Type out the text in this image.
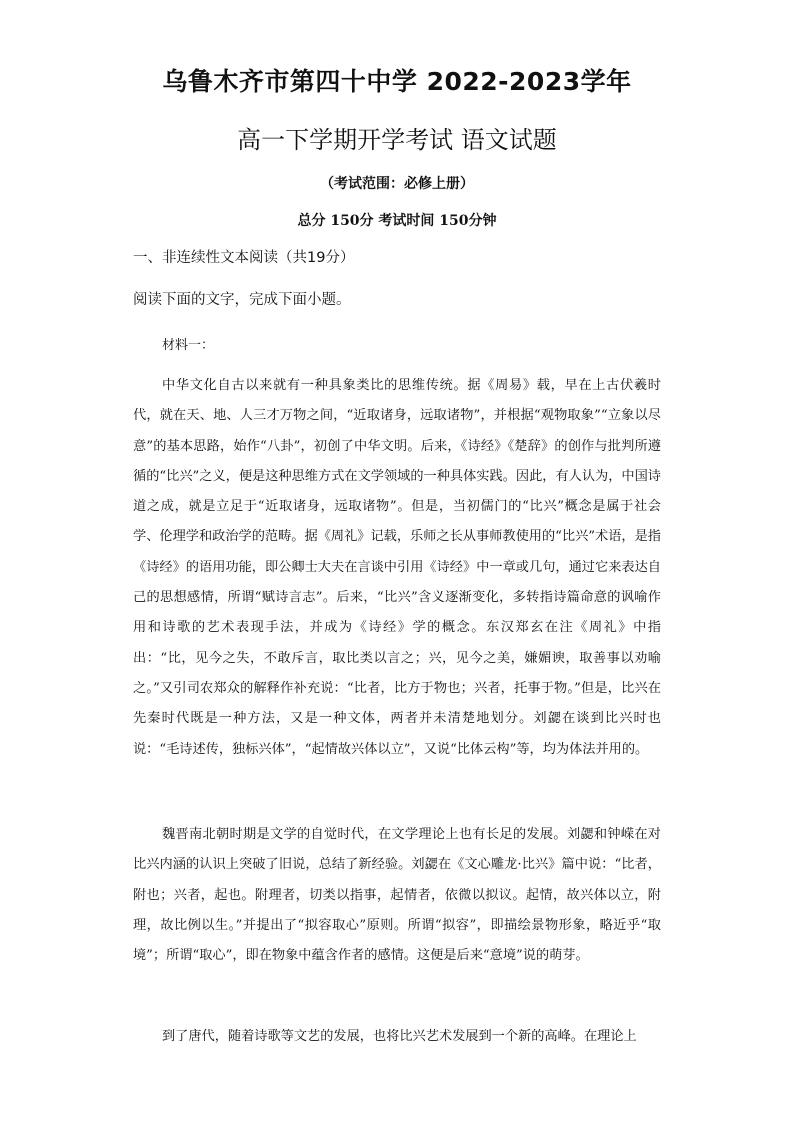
乌鲁木齐市第四十中学 2022-2023学年
高一下学期开学考试 语文试题
（考试范围：必修上册）
总分 150分 考试时间 150分钟
一、非连续性文本阅读（共19分）
阅读下面的文字，完成下面小题。
材料一：

中华文化自古以来就有一种具象类比的思维传统。据《周易》载，早在上古伏羲时代，就在天、地、人三才万物之间，“近取诸身，远取诸物”，并根据“观物取象”“立象以尽意”的基本思路，始作“八卦”，初创了中华文明。后来，《诗经》《楚辞》的创作与批判所遵循的“比兴”之义，便是这种思维方式在文学领域的一种具体实践。因此，有人认为，中国诗道之成，就是立足于“近取诸身，远取诸物”。但是，当初儒门的“比兴”概念是属于社会学、伦理学和政治学的范畴。据《周礼》记载，乐师之长从事师教使用的“比兴”术语，是指《诗经》的语用功能，即公卿士大夫在言谈中引用《诗经》中一章或几句，通过它来表达自己的思想感情，所谓“赋诗言志”。后来，“比兴”含义逐渐变化，多转指诗篇命意的讽喻作用和诗歌的艺术表现手法，并成为《诗经》学的概念。东汉郑玄在注《周礼》中指出：“比，见今之失，不敢斥言，取比类以言之；兴，见今之美，嫌媚谀，取善事以劝喻之。”又引司农郑众的解释作补充说：“比者，比方于物也；兴者，托事于物。”但是，比兴在先秦时代既是一种方法，又是一种文体，两者并未清楚地划分。刘勰在谈到比兴时也说：“毛诗述传，独标兴体”，“起情故兴体以立”，又说“比体云构”等，均为体法并用的。

魏晋南北朝时期是文学的自觉时代，在文学理论上也有长足的发展。刘勰和钟嵘在对比兴内涵的认识上突破了旧说，总结了新经验。刘勰在《文心雕龙·比兴》篇中说：“比者，附也；兴者，起也。附理者，切类以指事，起情者，依微以拟议。起情，故兴体以立，附理，故比例以生。”并提出了“拟容取心”原则。所谓“拟容”，即描绘景物形象，略近乎“取境”；所谓“取心”，即在物象中蕴含作者的感情。这便是后来“意境”说的萌芽。

到了唐代，随着诗歌等文艺的发展，也将比兴艺术发展到一个新的高峰。在理论上
